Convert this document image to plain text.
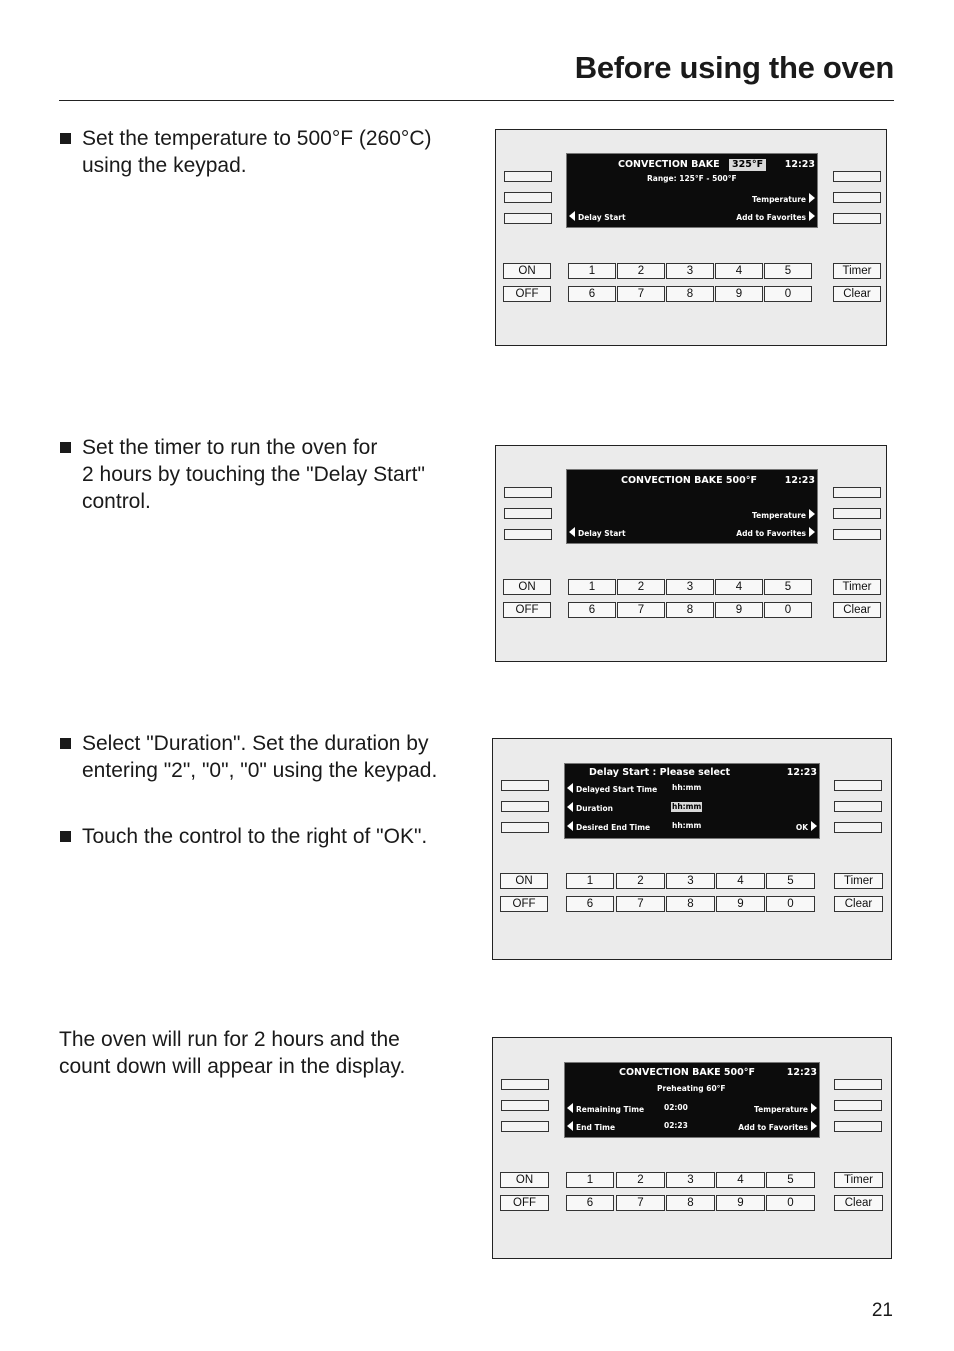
Before using the oven
Set the temperature to 500°F (260°C)
using the keypad.	CONVECTION BAKE	325°F	12:23
Range: 125°F - 500°F
Temperature
Delay Start	Add to Favorites
ON
OFF
1	2	3	4	5
6	7	8	9	0
Timer
Clear
Set the timer to run the oven for
2 hours by touching the "Delay Start"
control.
CONVECTION BAKE 500°F	12:23
Temperature
Delay Start	Add to Favorites
ON
OFF
1	2	3	4	5
6	7	8	9	0
Timer
Clear
Select "Duration". Set the duration by
entering "2", "0", "0" using the keypad.
Touch the control to the right of "OK".
Delay Start : Please select	12:23
Delayed Start Time hh:mm
Duration	hh:mm
Desired End Time	hh:mm	OK
ON
OFF
1	2	3	4	5
6	7	8	9	0
Timer
Clear
The oven will run for 2 hours and the
count down will appear in the display.	CONVECTION BAKE 500°F	12:23
Preheating 60°F
Remaining Time	02:00	Temperature
End Time	02:23	Add to Favorites
ON
OFF
1	2	3	4	5
6	7	8	9	0
Timer
Clear
21
